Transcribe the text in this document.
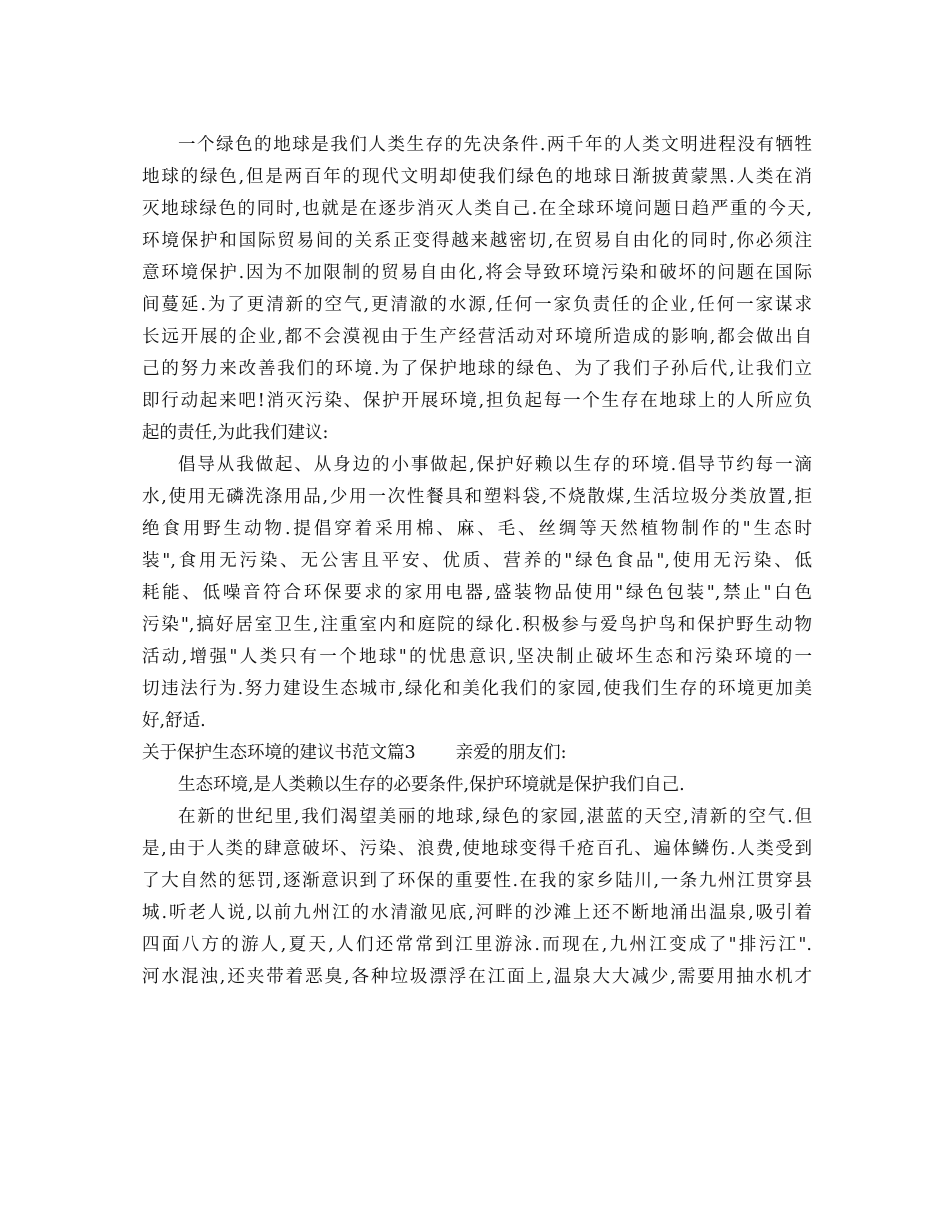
一个绿色的地球是我们人类生存的先决条件.两千年的人类文明进程没有牺牲
地球的绿色,但是两百年的现代文明却使我们绿色的地球日渐披黄蒙黑.人类在消
灭地球绿色的同时,也就是在逐步消灭人类自己.在全球环境问题日趋严重的今天,
环境保护和国际贸易间的关系正变得越来越密切,在贸易自由化的同时,你必须注
意环境保护.因为不加限制的贸易自由化,将会导致环境污染和破坏的问题在国际
间蔓延.为了更清新的空气,更清澈的水源,任何一家负责任的企业,任何一家谋求
长远开展的企业,都不会漠视由于生产经营活动对环境所造成的影响,都会做出自
己的努力来改善我们的环境.为了保护地球的绿色、为了我们子孙后代,让我们立
即行动起来吧!消灭污染、保护开展环境,担负起每一个生存在地球上的人所应负
起的责任,为此我们建议:
倡导从我做起、从身边的小事做起,保护好赖以生存的环境.倡导节约每一滴
水,使用无磷洗涤用品,少用一次性餐具和塑料袋,不烧散煤,生活垃圾分类放置,拒
绝食用野生动物.提倡穿着采用棉、麻、毛、丝绸等天然植物制作的"生态时
装",食用无污染、无公害且平安、优质、营养的"绿色食品",使用无污染、低
耗能、低噪音符合环保要求的家用电器,盛装物品使用"绿色包装",禁止"白色
污染",搞好居室卫生,注重室内和庭院的绿化.积极参与爱鸟护鸟和保护野生动物
活动,增强"人类只有一个地球"的忧患意识,坚决制止破坏生态和污染环境的一
切违法行为.努力建设生态城市,绿化和美化我们的家园,使我们生存的环境更加美
好,舒适.
关于保护生态环境的建议书范文篇3 亲爱的朋友们:
生态环境,是人类赖以生存的必要条件,保护环境就是保护我们自己.
在新的世纪里,我们渴望美丽的地球,绿色的家园,湛蓝的天空,清新的空气.但
是,由于人类的肆意破坏、污染、浪费,使地球变得千疮百孔、遍体鳞伤.人类受到
了大自然的惩罚,逐渐意识到了环保的重要性.在我的家乡陆川,一条九州江贯穿县
城.听老人说,以前九州江的水清澈见底,河畔的沙滩上还不断地涌出温泉,吸引着
四面八方的游人,夏天,人们还常常到江里游泳.而现在,九州江变成了"排污江".
河水混浊,还夹带着恶臭,各种垃圾漂浮在江面上,温泉大大减少,需要用抽水机才
